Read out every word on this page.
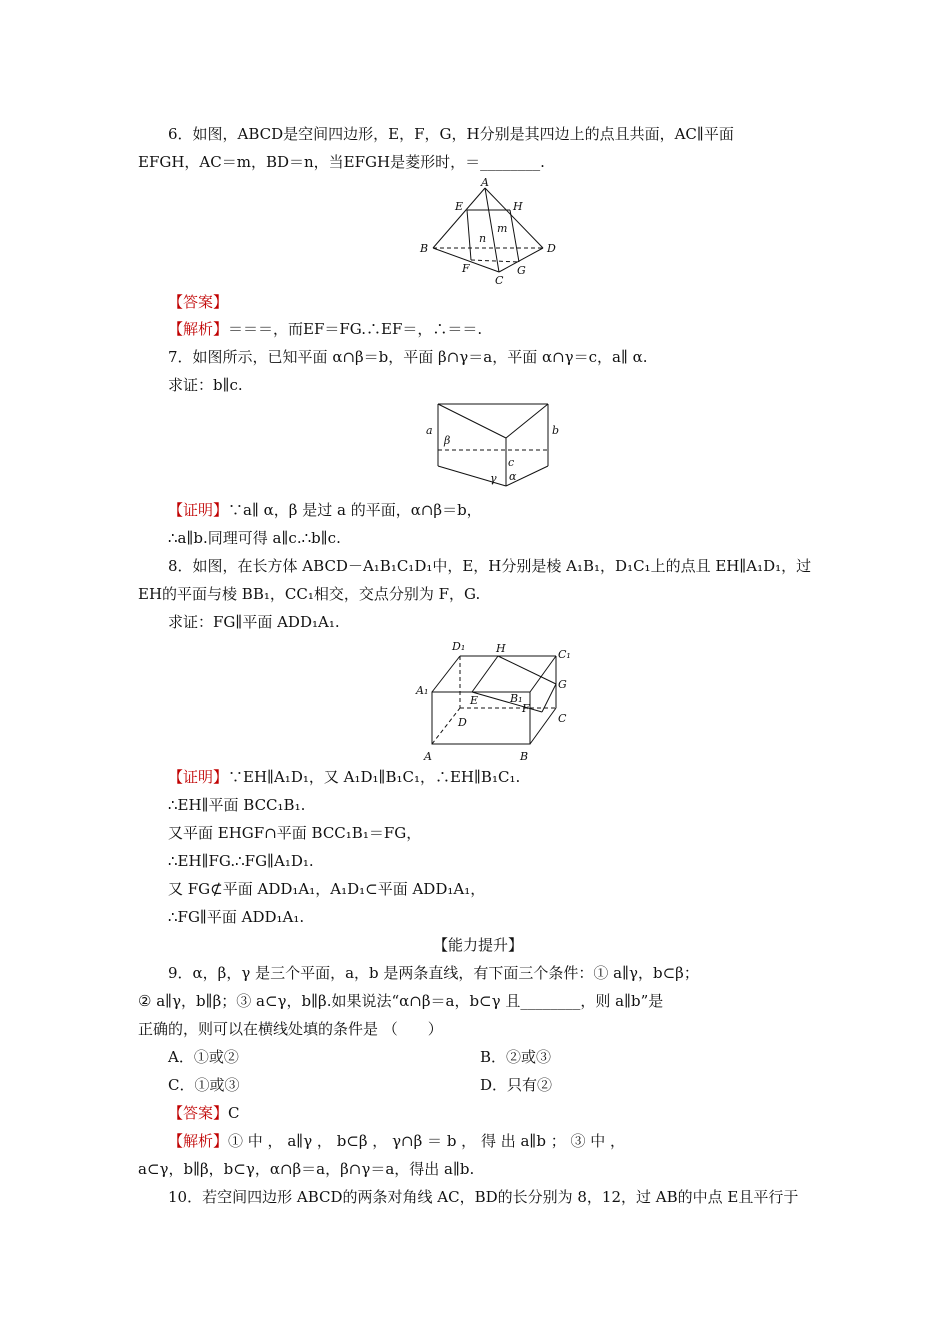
6．如图，ABCD是空间四边形，E，F，G，H分别是其四边上的点且共面，AC∥平面
EFGH，AC＝m，BD＝n，当EFGH是菱形时，＝________.
A
B
C
D
E
F	G
H
m
n
【答案】
【解析】＝＝＝，而EF＝FG.∴EF＝，∴＝＝.
7．如图所示，已知平面 α∩β＝b，平面 β∩γ＝a，平面 α∩γ＝c，a∥ α.
求证：b∥c.
a	b
c
β
γ α
【证明】∵a∥ α，β 是过 a 的平面，α∩β＝b，
∴a∥b.同理可得 a∥c.∴b∥c.
8．如图，在长方体 ABCD－A₁B₁C₁D₁中，E，H分别是棱 A₁B₁，D₁C₁上的点且 EH∥A₁D₁，过
EH的平面与棱 BB₁，CC₁相交，交点分别为 F，G.
求证：FG∥平面 ADD₁A₁.
A₁
A	B
C
D
D₁
C₁
B₁
E
F
G
H
【证明】∵EH∥A₁D₁，又 A₁D₁∥B₁C₁，∴EH∥B₁C₁.
∴EH∥平面 BCC₁B₁.
又平面 EHGF∩平面 BCC₁B₁＝FG，
∴EH∥FG.∴FG∥A₁D₁.
又 FG⊄平面 ADD₁A₁，A₁D₁⊂平面 ADD₁A₁，
∴FG∥平面 ADD₁A₁.
【能力提升】
9．α，β，γ 是三个平面，a，b 是两条直线，有下面三个条件：① a∥γ，b⊂β；
② a∥γ，b∥β；③ a⊂γ，b∥β.如果说法“α∩β＝a，b⊂γ 且________，则 a∥b”是
正确的，则可以在横线处填的条件是 （　　）
A．①或②	B．②或③
C．①或③	D．只有②
【答案】C
【解析】① 中 ， a∥γ ， b⊂β ， γ∩β ＝ b ， 得 出 a∥b ； ③ 中 ，
a⊂γ，b∥β，b⊂γ，α∩β＝a，β∩γ＝a，得出 a∥b.
10．若空间四边形 ABCD的两条对角线 AC，BD的长分别为 8，12，过 AB的中点 E且平行于
